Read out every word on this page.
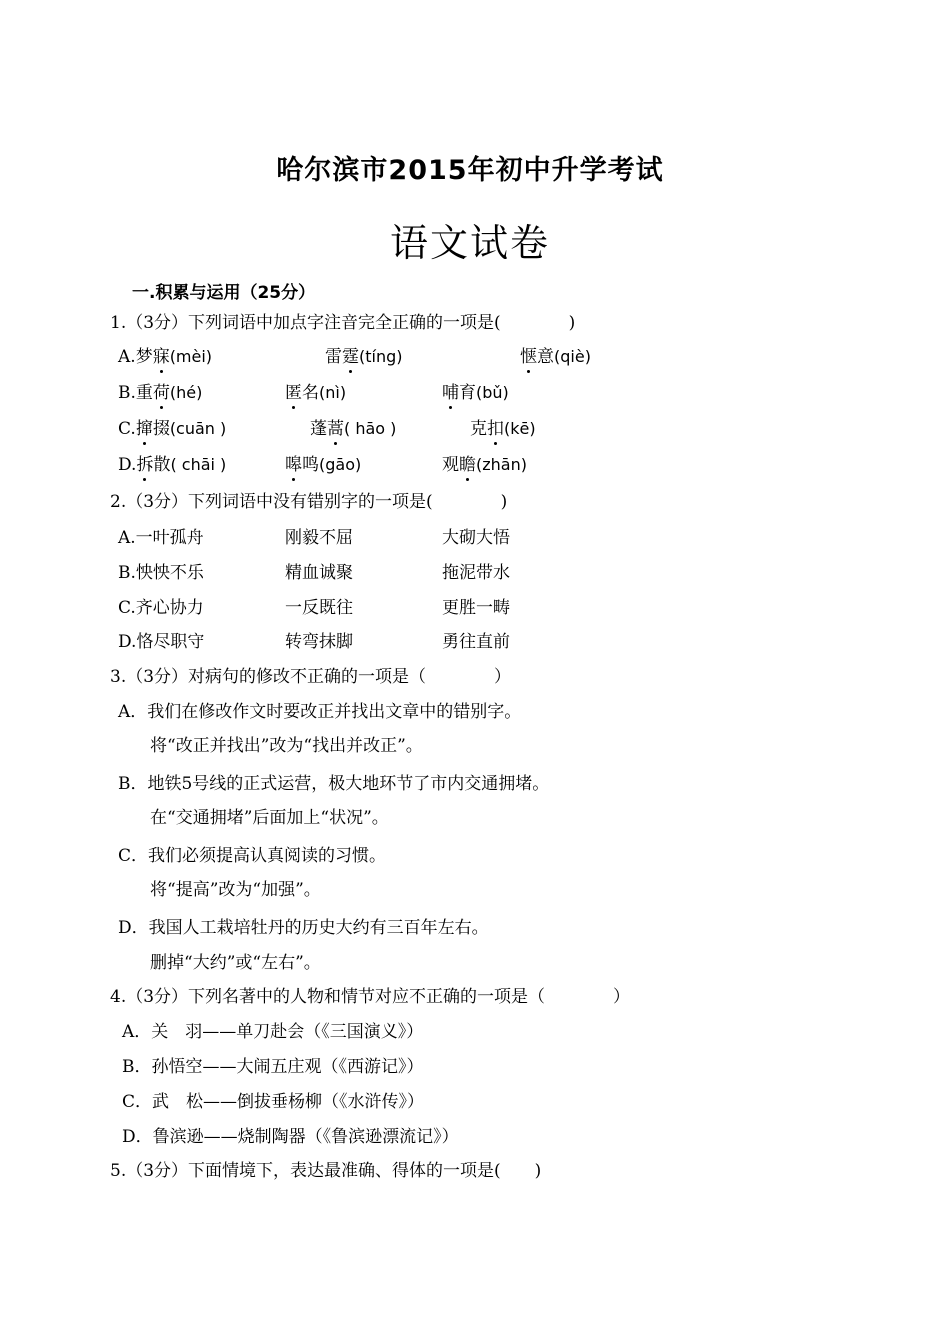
哈尔滨市2015年初中升学考试
语文试卷
一.积累与运用（25分）
1.（3分）下列词语中加点字注音完全正确的一项是(　　　　)
A.梦寐(mèi)	雷霆(tíng)	惬意(qiè)
B.重荷(hé)	匿名(nì)	哺育(bǔ)
C.撺掇(cuān )	蓬蒿( hāo )	克扣(kē)
D.拆散( chāi )	嗥鸣(gāo)	观瞻(zhān)
2.（3分）下列词语中没有错别字的一项是(　　　　)
A.一叶孤舟	刚毅不屈	大砌大悟
B.怏怏不乐	精血诚聚	拖泥带水
C.齐心协力	一反既往	更胜一畴
D.恪尽职守	转弯抹脚	勇往直前
3.（3分）对病句的修改不正确的一项是（　　　　）
A．我们在修改作文时要改正并找出文章中的错别字。
将“改正并找出”改为“找出并改正”。
B．地铁5号线的正式运营，极大地环节了市内交通拥堵。
在“交通拥堵”后面加上“状况”。
C．我们必须提高认真阅读的习惯。
将“提高”改为“加强”。
D．我国人工栽培牡丹的历史大约有三百年左右。
删掉“大约”或“左右”。
4.（3分）下列名著中的人物和情节对应不正确的一项是（　　　　）
A．关　羽——单刀赴会（《三国演义》）
B．孙悟空——大闹五庄观（《西游记》）
C．武　松——倒拔垂杨柳（《水浒传》）
D．鲁滨逊——烧制陶器（《鲁滨逊漂流记》）
5.（3分）下面情境下，表达最准确、得体的一项是(　　)
